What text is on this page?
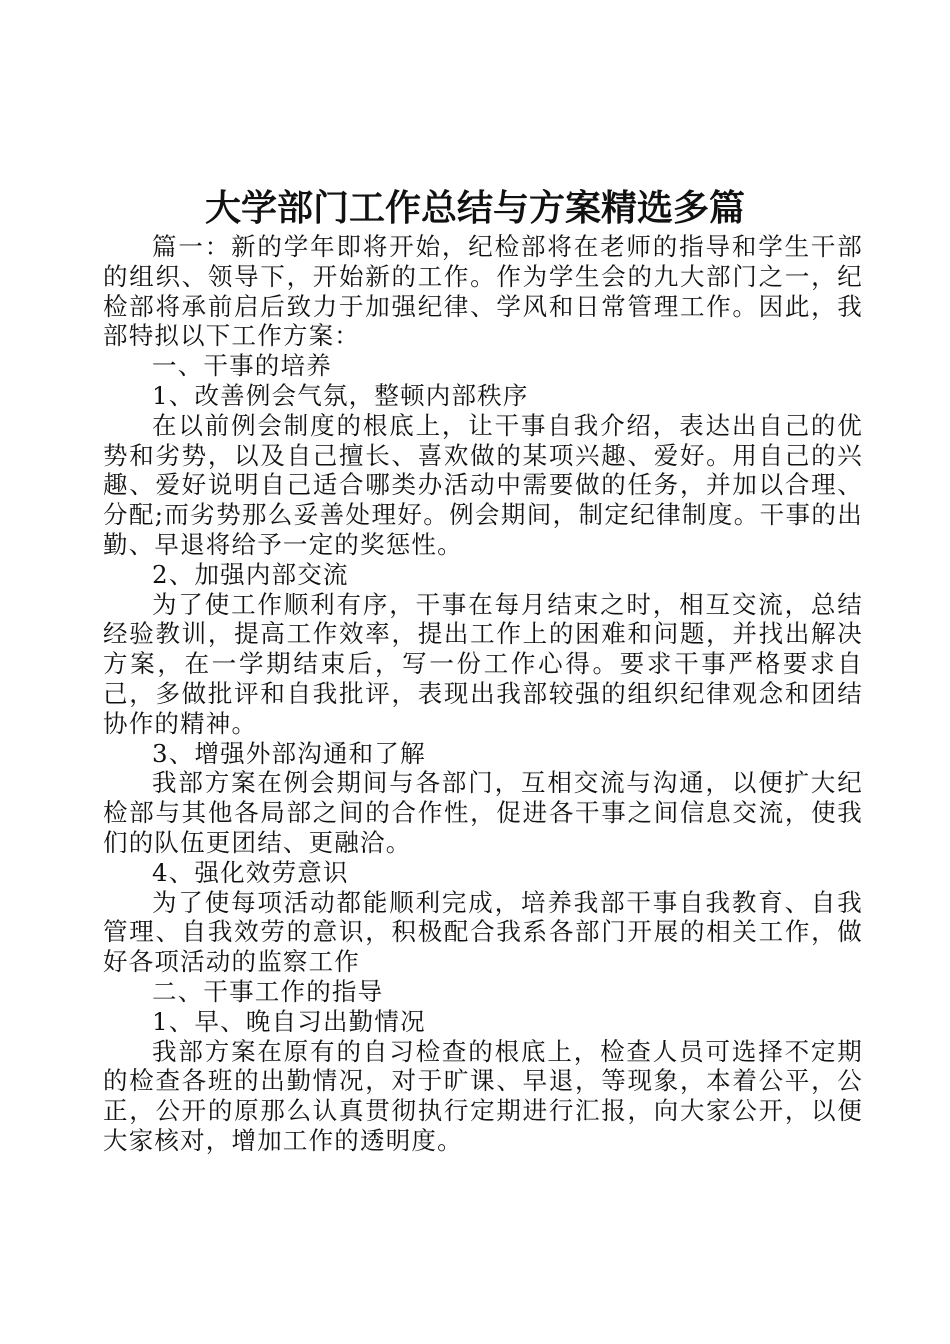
大学部门工作总结与方案精选多篇

篇一：新的学年即将开始，纪检部将在老师的指导和学生干部的组织、领导下，开始新的工作。作为学生会的九大部门之一，纪检部将承前启后致力于加强纪律、学风和日常管理工作。因此，我部特拟以下工作方案：

一、干事的培养

1、改善例会气氛，整顿内部秩序

在以前例会制度的根底上，让干事自我介绍，表达出自己的优势和劣势，以及自己擅长、喜欢做的某项兴趣、爱好。用自己的兴趣、爱好说明自己适合哪类办活动中需要做的任务，并加以合理、分配;而劣势那么妥善处理好。例会期间，制定纪律制度。干事的出勤、早退将给予一定的奖惩性。

2、加强内部交流

为了使工作顺利有序，干事在每月结束之时，相互交流，总结经验教训，提高工作效率，提出工作上的困难和问题，并找出解决方案，在一学期结束后，写一份工作心得。要求干事严格要求自己，多做批评和自我批评，表现出我部较强的组织纪律观念和团结协作的精神。

3、增强外部沟通和了解

我部方案在例会期间与各部门，互相交流与沟通，以便扩大纪检部与其他各局部之间的合作性，促进各干事之间信息交流，使我们的队伍更团结、更融洽。

4、强化效劳意识

为了使每项活动都能顺利完成，培养我部干事自我教育、自我管理、自我效劳的意识，积极配合我系各部门开展的相关工作，做好各项活动的监察工作

二、干事工作的指导

1、早、晚自习出勤情况

我部方案在原有的自习检查的根底上，检查人员可选择不定期的检查各班的出勤情况，对于旷课、早退，等现象，本着公平，公正，公开的原那么认真贯彻执行定期进行汇报，向大家公开，以便大家核对，增加工作的透明度。
